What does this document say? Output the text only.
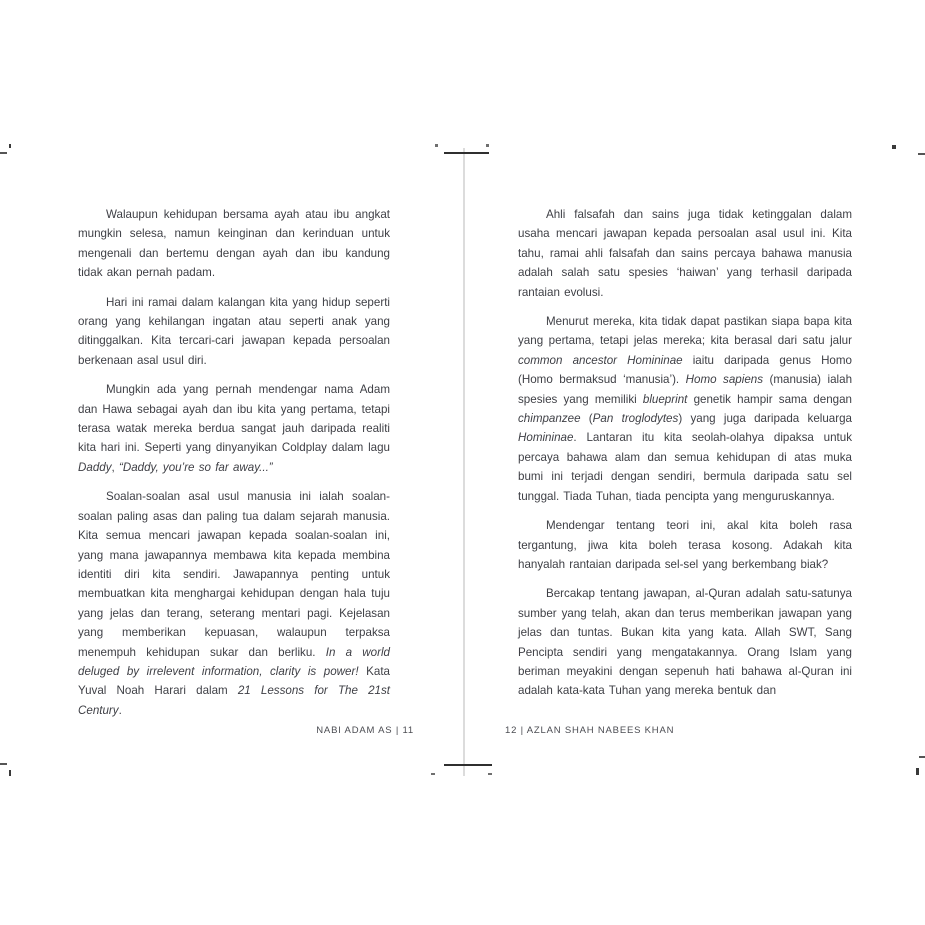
Walaupun kehidupan bersama ayah atau ibu angkat mungkin selesa, namun keinginan dan kerinduan untuk mengenali dan bertemu dengan ayah dan ibu kandung tidak akan pernah padam.

Hari ini ramai dalam kalangan kita yang hidup seperti orang yang kehilangan ingatan atau seperti anak yang ditinggalkan. Kita tercari-cari jawapan kepada persoalan berkenaan asal usul diri.

Mungkin ada yang pernah mendengar nama Adam dan Hawa sebagai ayah dan ibu kita yang pertama, tetapi terasa watak mereka berdua sangat jauh daripada realiti kita hari ini. Seperti yang dinyanyikan Coldplay dalam lagu Daddy, “Daddy, you’re so far away...”

Soalan-soalan asal usul manusia ini ialah soalan-soalan paling asas dan paling tua dalam sejarah manusia. Kita semua mencari jawapan kepada soalan-soalan ini, yang mana jawapannya membawa kita kepada membina identiti diri kita sendiri. Jawapannya penting untuk membuatkan kita menghargai kehidupan dengan hala tuju yang jelas dan terang, seterang mentari pagi. Kejelasan yang memberikan kepuasan, walaupun terpaksa menempuh kehidupan sukar dan berliku. In a world deluged by irrelevent information, clarity is power! Kata Yuval Noah Harari dalam 21 Lessons for The 21st Century.

NABI ADAM AS | 11

Ahli falsafah dan sains juga tidak ketinggalan dalam usaha mencari jawapan kepada persoalan asal usul ini. Kita tahu, ramai ahli falsafah dan sains percaya bahawa manusia adalah salah satu spesies ‘haiwan’ yang terhasil daripada rantaian evolusi.

Menurut mereka, kita tidak dapat pastikan siapa bapa kita yang pertama, tetapi jelas mereka; kita berasal dari satu jalur common ancestor Homininae iaitu daripada genus Homo (Homo bermaksud ‘manusia’). Homo sapiens (manusia) ialah spesies yang memiliki blueprint genetik hampir sama dengan chimpanzee (Pan troglodytes) yang juga daripada keluarga Homininae. Lantaran itu kita seolah-olahya dipaksa untuk percaya bahawa alam dan semua kehidupan di atas muka bumi ini terjadi dengan sendiri, bermula daripada satu sel tunggal. Tiada Tuhan, tiada pencipta yang menguruskannya.

Mendengar tentang teori ini, akal kita boleh rasa tergantung, jiwa kita boleh terasa kosong. Adakah kita hanyalah rantaian daripada sel-sel yang berkembang biak?

Bercakap tentang jawapan, al-Quran adalah satu-satunya sumber yang telah, akan dan terus memberikan jawapan yang jelas dan tuntas. Bukan kita yang kata. Allah SWT, Sang Pencipta sendiri yang mengatakannya. Orang Islam yang beriman meyakini dengan sepenuh hati bahawa al-Quran ini adalah kata-kata Tuhan yang mereka bentuk dan

12 | AZLAN SHAH NABEES KHAN
